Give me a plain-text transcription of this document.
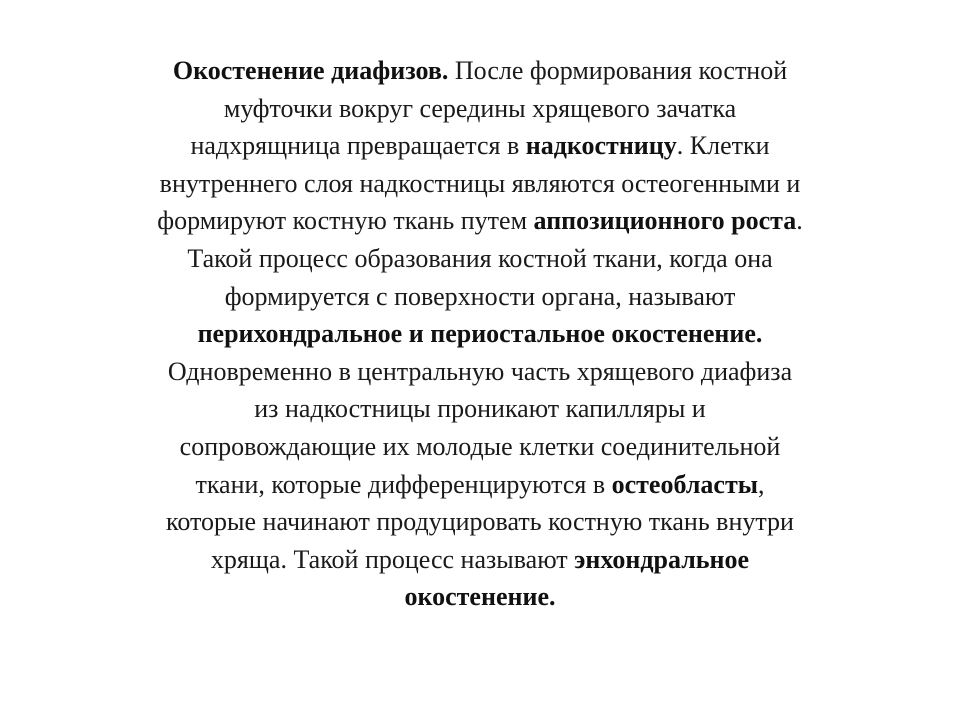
Окостенение диафизов. После формирования костной
муфточки вокруг середины хрящевого зачатка
надхрящница превращается в надкостницу. Клетки
внутреннего слоя надкостницы являются остеогенными и
формируют костную ткань путем аппозиционного роста.
Такой процесс образования костной ткани, когда она
формируется с поверхности органа, называют
перихондральное и периостальное окостенение.
Одновременно в центральную часть хрящевого диафиза
из надкостницы проникают капилляры и
сопровождающие их молодые клетки соединительной
ткани, которые дифференцируются в остеобласты,
которые начинают продуцировать костную ткань внутри
хряща. Такой процесс называют энхондральное
окостенение.
